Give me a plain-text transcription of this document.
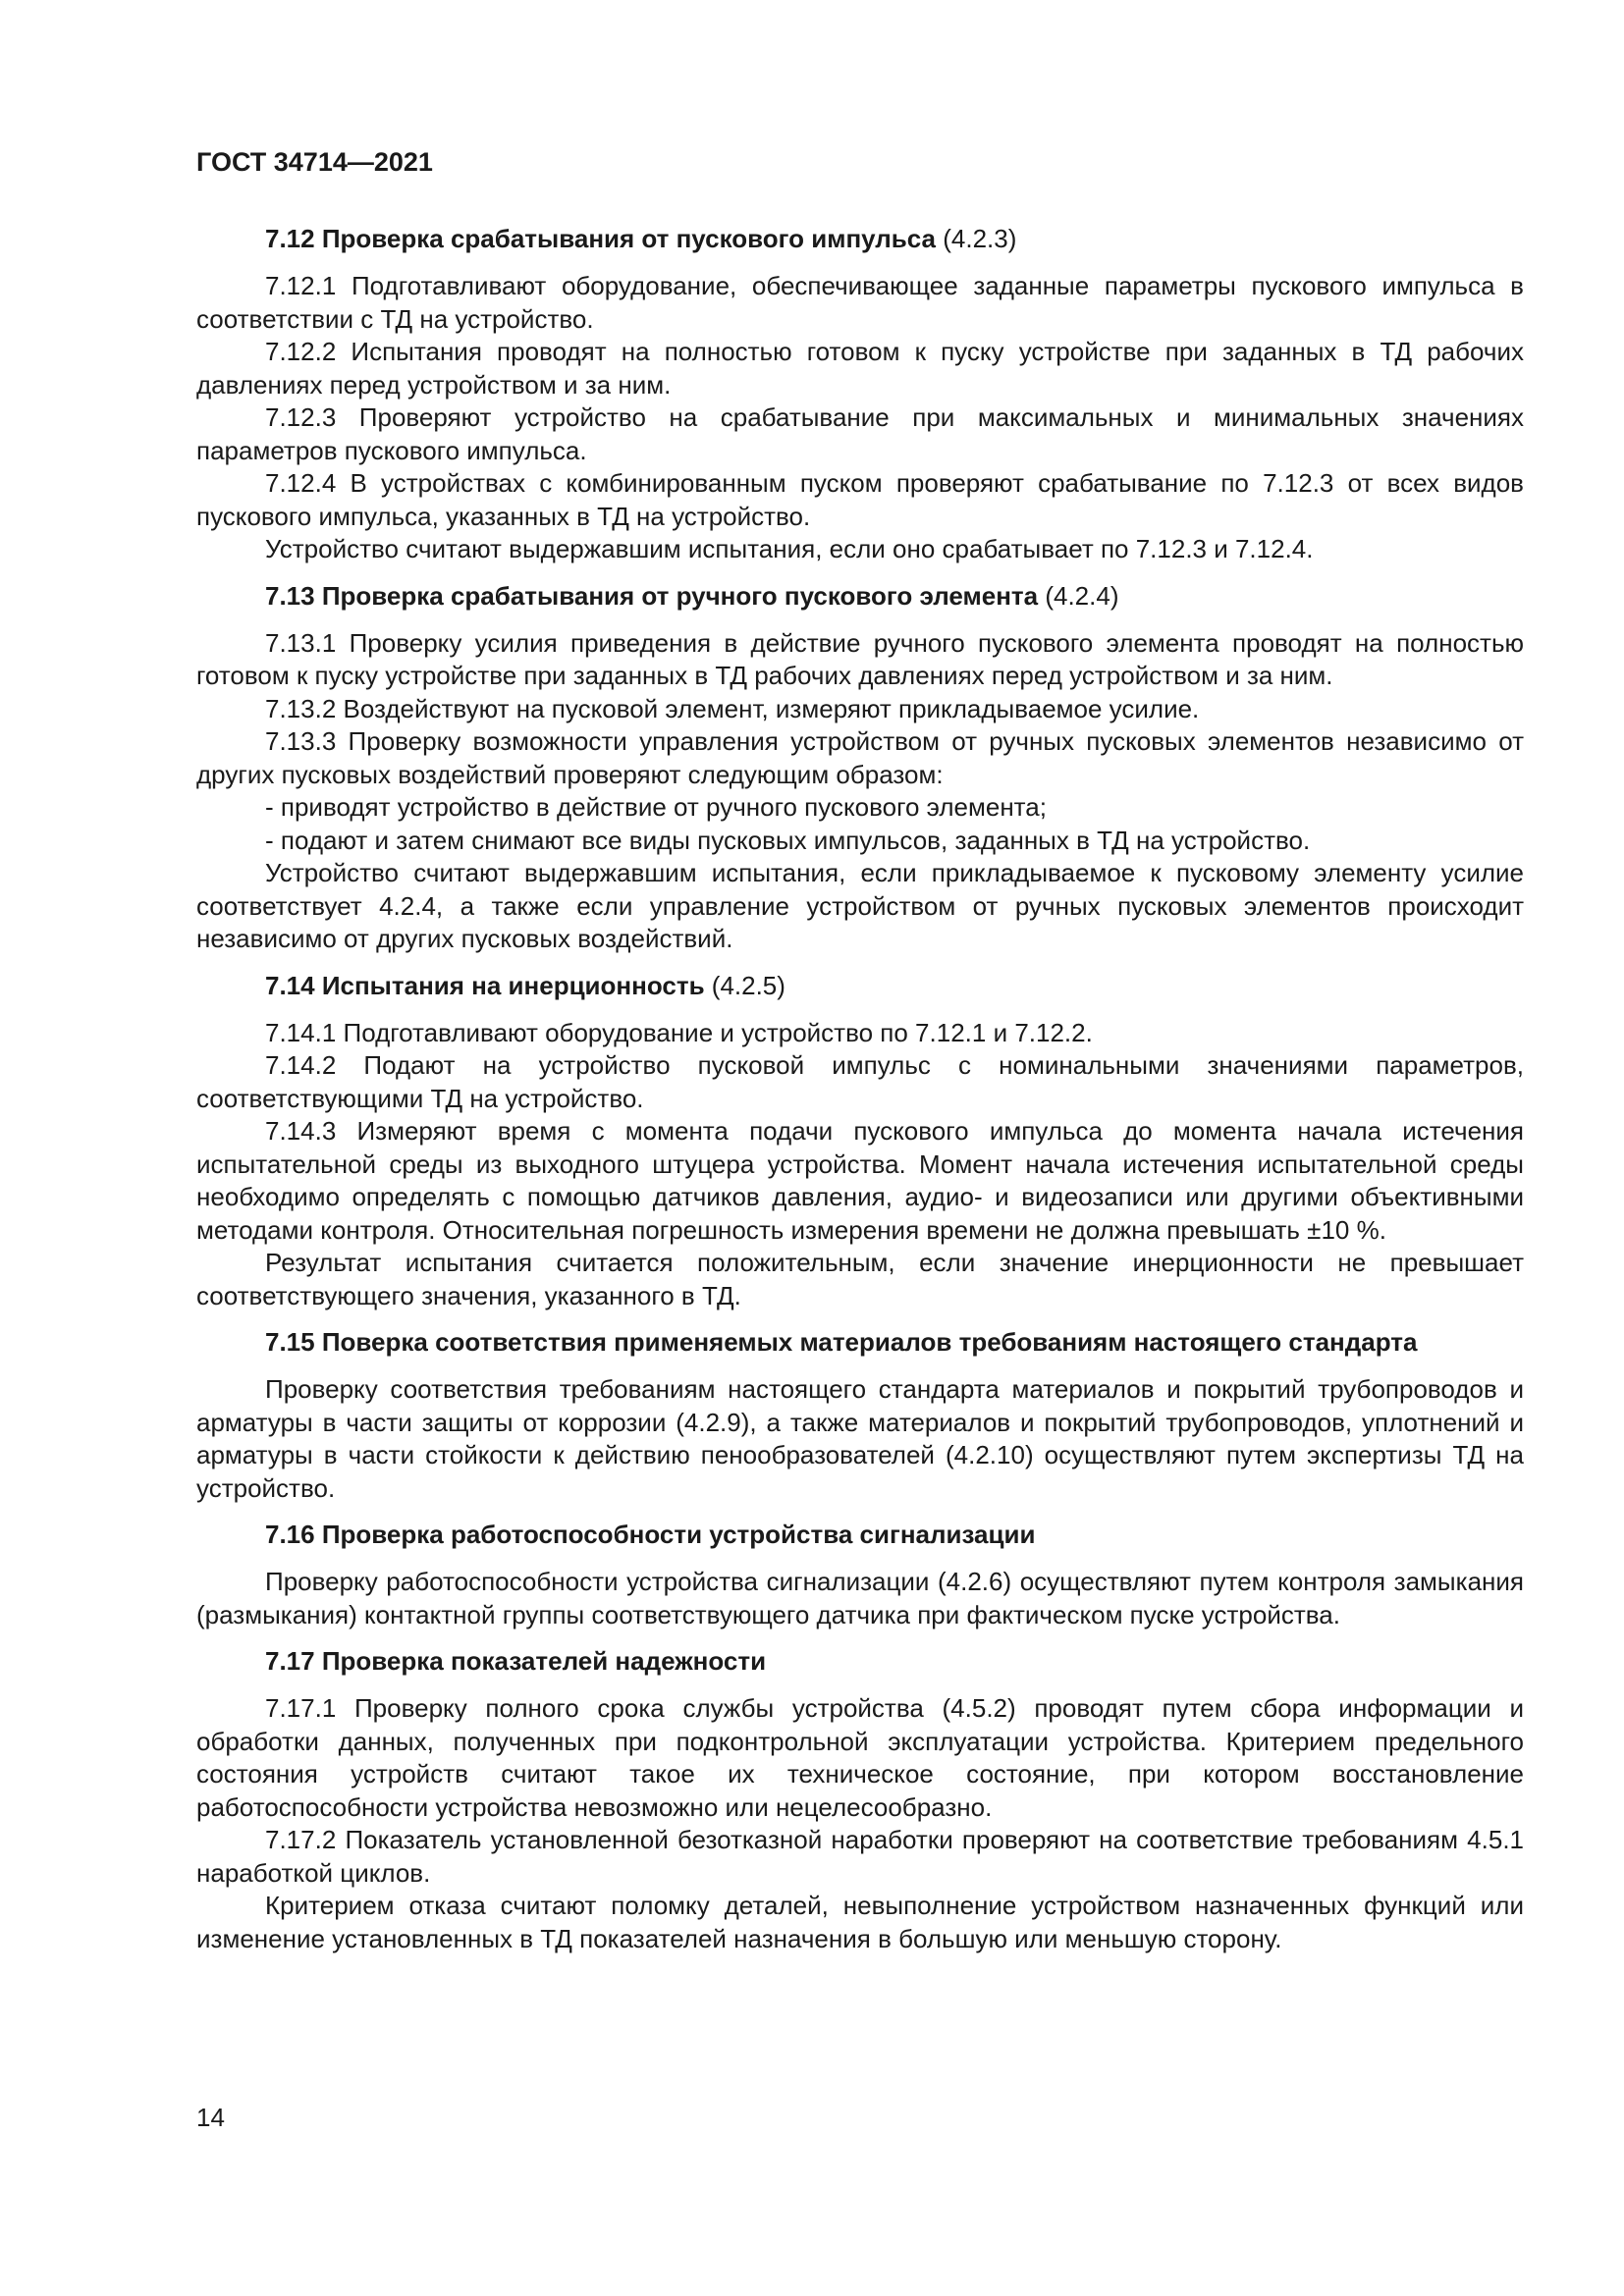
ГОСТ 34714—2021
7.12 Проверка срабатывания от пускового импульса (4.2.3)

7.12.1 Подготавливают оборудование, обеспечивающее заданные параметры пускового импульса в соответствии с ТД на устройство.

7.12.2 Испытания проводят на полностью готовом к пуску устройстве при заданных в ТД рабочих давлениях перед устройством и за ним.

7.12.3 Проверяют устройство на срабатывание при максимальных и минимальных значениях параметров пускового импульса.

7.12.4 В устройствах с комбинированным пуском проверяют срабатывание по 7.12.3 от всех видов пускового импульса, указанных в ТД на устройство.

Устройство считают выдержавшим испытания, если оно срабатывает по 7.12.3 и 7.12.4.

7.13 Проверка срабатывания от ручного пускового элемента (4.2.4)

7.13.1 Проверку усилия приведения в действие ручного пускового элемента проводят на полностью готовом к пуску устройстве при заданных в ТД рабочих давлениях перед устройством и за ним.

7.13.2 Воздействуют на пусковой элемент, измеряют прикладываемое усилие.

7.13.3 Проверку возможности управления устройством от ручных пусковых элементов независимо от других пусковых воздействий проверяют следующим образом:

- приводят устройство в действие от ручного пускового элемента;

- подают и затем снимают все виды пусковых импульсов, заданных в ТД на устройство.

Устройство считают выдержавшим испытания, если прикладываемое к пусковому элементу усилие соответствует 4.2.4, а также если управление устройством от ручных пусковых элементов происходит независимо от других пусковых воздействий.

7.14 Испытания на инерционность (4.2.5)

7.14.1 Подготавливают оборудование и устройство по 7.12.1 и 7.12.2.

7.14.2 Подают на устройство пусковой импульс с номинальными значениями параметров, соответствующими ТД на устройство.

7.14.3 Измеряют время с момента подачи пускового импульса до момента начала истечения испытательной среды из выходного штуцера устройства. Момент начала истечения испытательной среды необходимо определять с помощью датчиков давления, аудио- и видеозаписи или другими объективными методами контроля. Относительная погрешность измерения времени не должна превышать ±10 %.

Результат испытания считается положительным, если значение инерционности не превышает соответствующего значения, указанного в ТД.

7.15 Поверка соответствия применяемых материалов требованиям настоящего стандарта

Проверку соответствия требованиям настоящего стандарта материалов и покрытий трубопроводов и арматуры в части защиты от коррозии (4.2.9), а также материалов и покрытий трубопроводов, уплотнений и арматуры в части стойкости к действию пенообразователей (4.2.10) осуществляют путем экспертизы ТД на устройство.

7.16 Проверка работоспособности устройства сигнализации

Проверку работоспособности устройства сигнализации (4.2.6) осуществляют путем контроля замыкания (размыкания) контактной группы соответствующего датчика при фактическом пуске устройства.

7.17 Проверка показателей надежности

7.17.1 Проверку полного срока службы устройства (4.5.2) проводят путем сбора информации и обработки данных, полученных при подконтрольной эксплуатации устройства. Критерием предельного состояния устройств считают такое их техническое состояние, при котором восстановление работоспособности устройства невозможно или нецелесообразно.

7.17.2 Показатель установленной безотказной наработки проверяют на соответствие требованиям 4.5.1 наработкой циклов.

Критерием отказа считают поломку деталей, невыполнение устройством назначенных функций или изменение установленных в ТД показателей назначения в большую или меньшую сторону.

14
